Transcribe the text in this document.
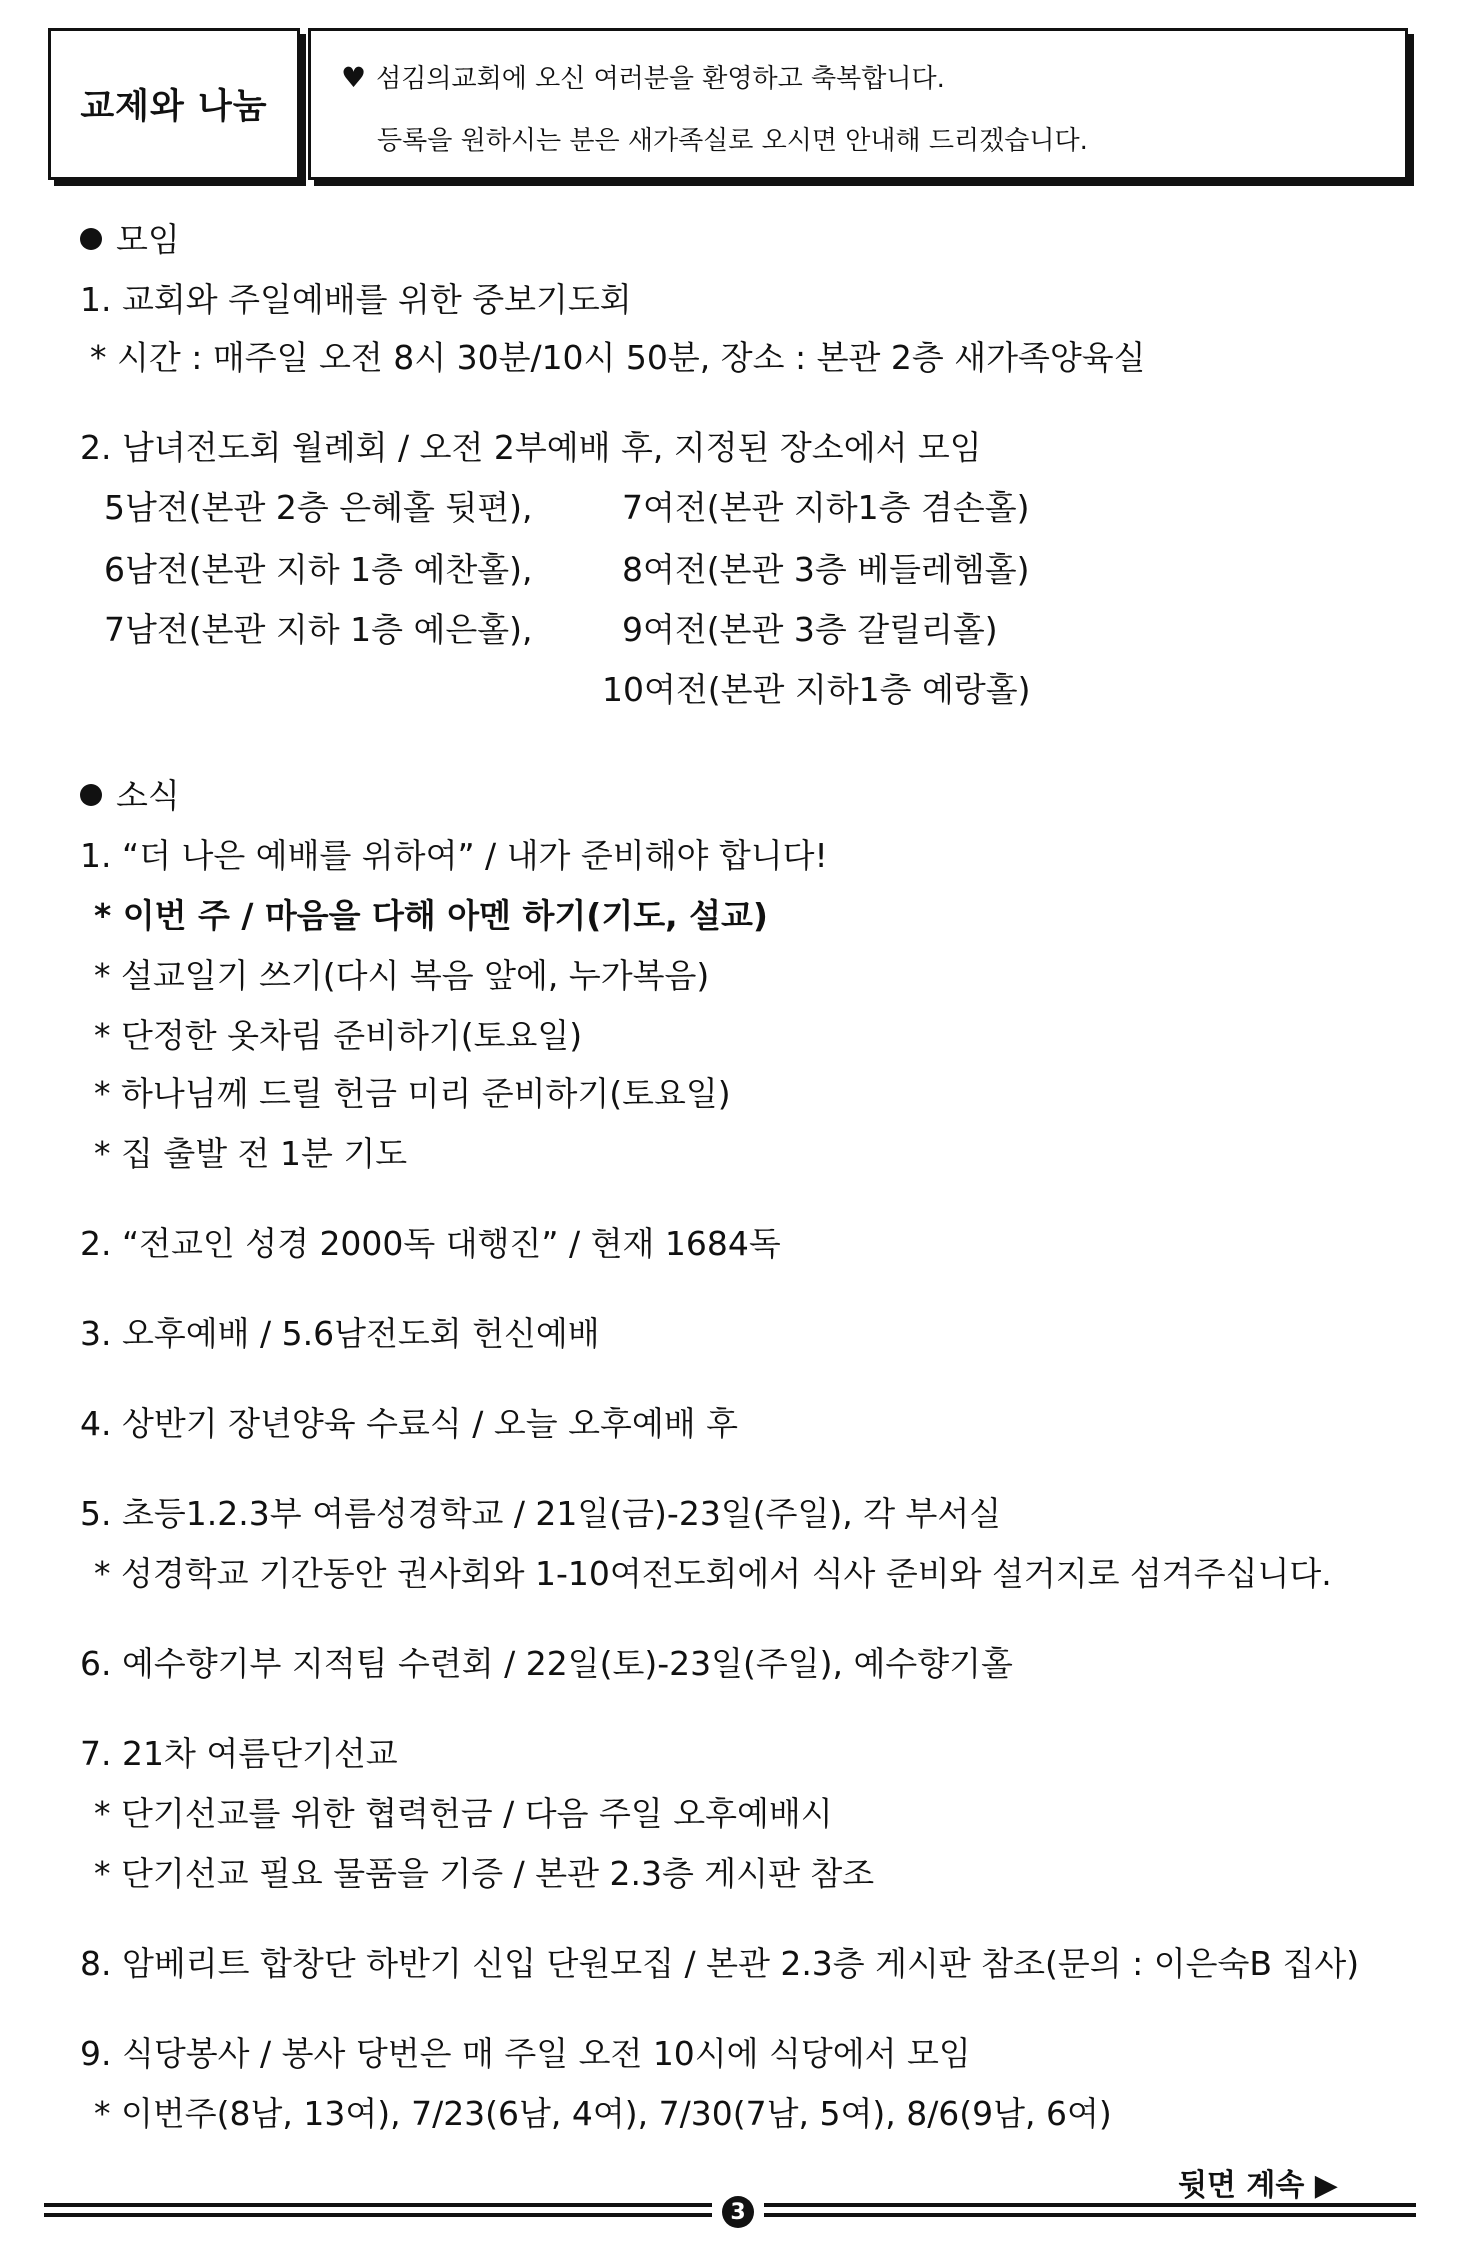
교제와 나눔
♥ 섬김의교회에 오신 여러분을 환영하고 축복합니다.
등록을 원하시는 분은 새가족실로 오시면 안내해 드리겠습니다.
모임
1. 교회와 주일예배를 위한 중보기도회
* 시간 : 매주일 오전 8시 30분/10시 50분, 장소 : 본관 2층 새가족양육실
2. 남녀전도회 월례회 / 오전 2부예배 후, 지정된 장소에서 모임
5남전(본관 2층 은혜홀 뒷편),
6남전(본관 지하 1층 예찬홀),
7남전(본관 지하 1층 예은홀),
7여전(본관 지하1층 겸손홀)
8여전(본관 3층 베들레헴홀)
9여전(본관 3층 갈릴리홀)
10여전(본관 지하1층 예랑홀)
소식
1. “더 나은 예배를 위하여” / 내가 준비해야 합니다!
* 이번 주 / 마음을 다해 아멘 하기(기도, 설교)
* 설교일기 쓰기(다시 복음 앞에, 누가복음)
* 단정한 옷차림 준비하기(토요일)
* 하나님께 드릴 헌금 미리 준비하기(토요일)
* 집 출발 전 1분 기도
2. “전교인 성경 2000독 대행진” / 현재 1684독
3. 오후예배 / 5.6남전도회 헌신예배
4. 상반기 장년양육 수료식 / 오늘 오후예배 후
5. 초등1.2.3부 여름성경학교 / 21일(금)-23일(주일), 각 부서실
* 성경학교 기간동안 권사회와 1-10여전도회에서 식사 준비와 설거지로 섬겨주십니다.
6. 예수향기부 지적팀 수련회 / 22일(토)-23일(주일), 예수향기홀
7. 21차 여름단기선교
* 단기선교를 위한 협력헌금 / 다음 주일 오후예배시
* 단기선교 필요 물품을 기증 / 본관 2.3층 게시판 참조
8. 암베리트 합창단 하반기 신입 단원모집 / 본관 2.3층 게시판 참조(문의 : 이은숙B 집사)
9. 식당봉사 / 봉사 당번은 매 주일 오전 10시에 식당에서 모임
* 이번주(8남, 13여), 7/23(6남, 4여), 7/30(7남, 5여), 8/6(9남, 6여)
뒷면 계속 ▶
3
